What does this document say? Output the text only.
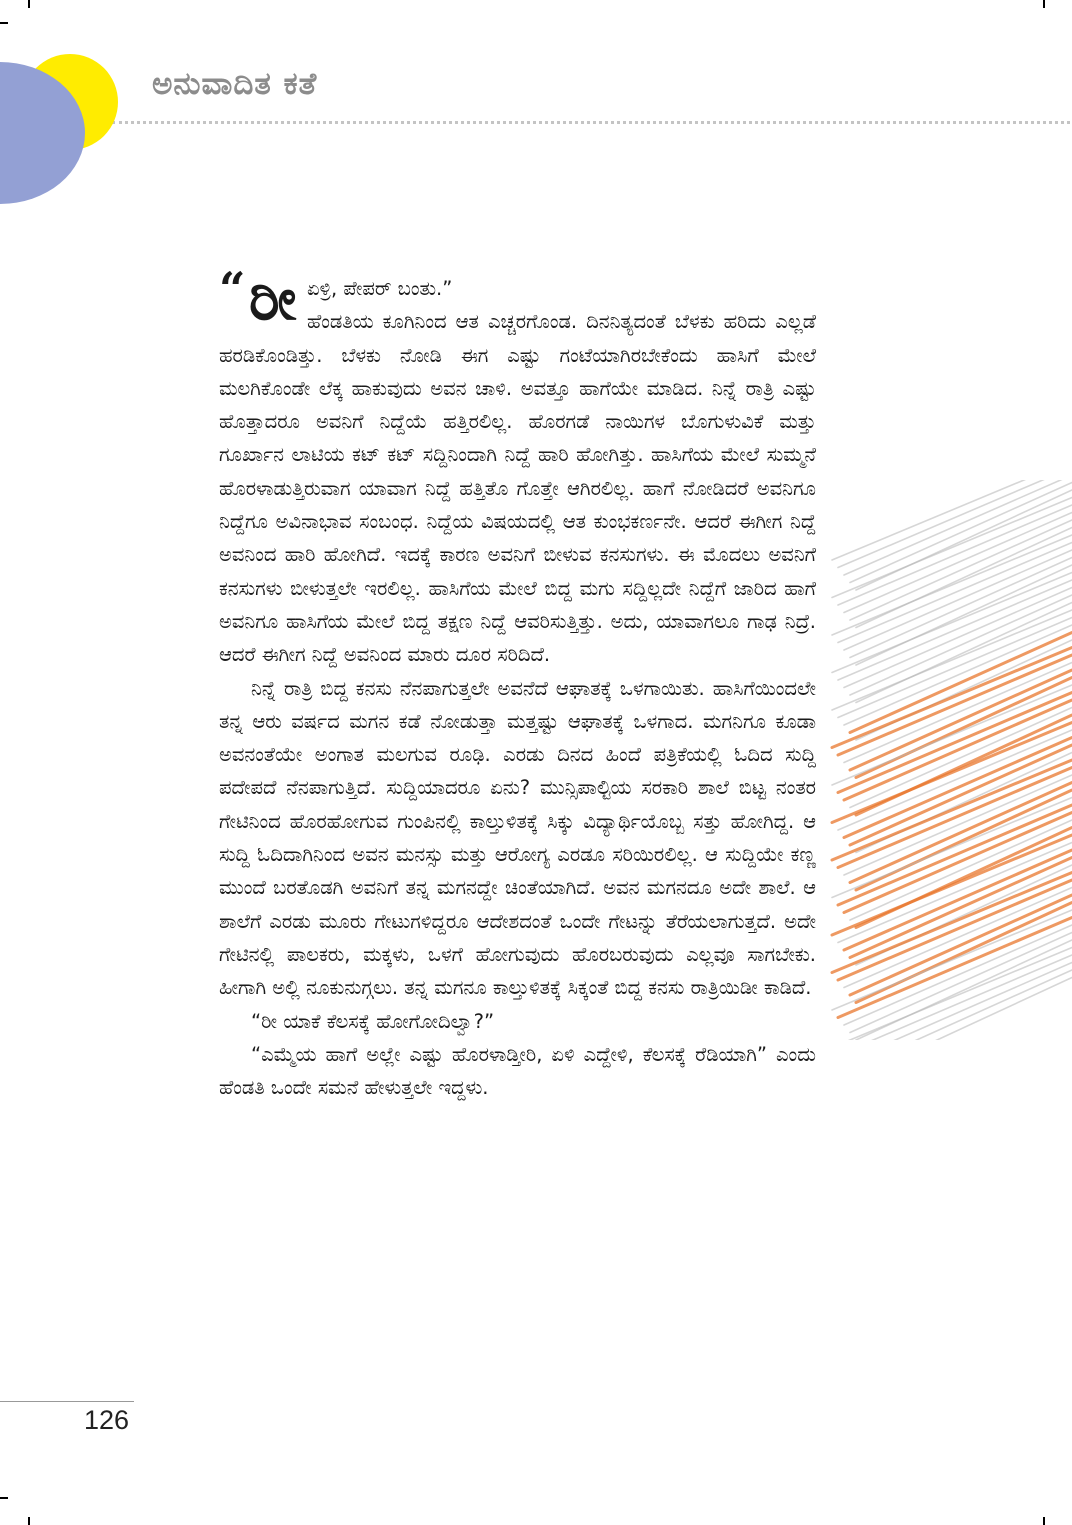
ಅನುವಾದಿತ ಕತೆ

“ ರೀ ಏಳ್ರಿ, ಪೇಪರ್ ಬಂತು.”
ಹೆಂಡತಿಯ ಕೂಗಿನಿಂದ ಆತ ಎಚ್ಚರಗೊಂಡ. ದಿನನಿತ್ಯದಂತೆ ಬೆಳಕು ಹರಿದು ಎಲ್ಲಡೆ ಹರಡಿಕೊಂಡಿತ್ತು. ಬೆಳಕು ನೋಡಿ ಈಗ ಎಷ್ಟು ಗಂಟೆಯಾಗಿರಬೇಕೆಂದು ಹಾಸಿಗೆ ಮೇಲೆ ಮಲಗಿಕೊಂಡೇ ಲೆಕ್ಕ ಹಾಕುವುದು ಅವನ ಚಾಳಿ. ಅವತ್ತೂ ಹಾಗೆಯೇ ಮಾಡಿದ. ನಿನ್ನೆ ರಾತ್ರಿ ಎಷ್ಟು ಹೊತ್ತಾದರೂ ಅವನಿಗೆ ನಿದ್ದೆಯೆ ಹತ್ತಿರಲಿಲ್ಲ. ಹೊರಗಡೆ ನಾಯಿಗಳ ಬೊಗುಳುವಿಕೆ ಮತ್ತು ಗೂರ್ಖಾನ ಲಾಟಿಯ ಕಟ್ ಕಟ್ ಸದ್ದಿನಿಂದಾಗಿ ನಿದ್ದೆ ಹಾರಿ ಹೋಗಿತ್ತು. ಹಾಸಿಗೆಯ ಮೇಲೆ ಸುಮ್ಮನೆ ಹೊರಳಾಡುತ್ತಿರುವಾಗ ಯಾವಾಗ ನಿದ್ದೆ ಹತ್ತಿತೊ ಗೊತ್ತೇ ಆಗಿರಲಿಲ್ಲ. ಹಾಗೆ ನೋಡಿದರೆ ಅವನಿಗೂ ನಿದ್ದೆಗೂ ಅವಿನಾಭಾವ ಸಂಬಂಧ. ನಿದ್ದೆಯ ವಿಷಯದಲ್ಲಿ ಆತ ಕುಂಭಕರ್ಣನೇ. ಆದರೆ ಈಗೀಗ ನಿದ್ದೆ ಅವನಿಂದ ಹಾರಿ ಹೋಗಿದೆ. ಇದಕ್ಕೆ ಕಾರಣ ಅವನಿಗೆ ಬೀಳುವ ಕನಸುಗಳು. ಈ ಮೊದಲು ಅವನಿಗೆ ಕನಸುಗಳು ಬೀಳುತ್ತಲೇ ಇರಲಿಲ್ಲ. ಹಾಸಿಗೆಯ ಮೇಲೆ ಬಿದ್ದ ಮಗು ಸದ್ದಿಲ್ಲದೇ ನಿದ್ದೆಗೆ ಜಾರಿದ ಹಾಗೆ ಅವನಿಗೂ ಹಾಸಿಗೆಯ ಮೇಲೆ ಬಿದ್ದ ತಕ್ಷಣ ನಿದ್ದೆ ಆವರಿಸುತ್ತಿತ್ತು. ಅದು, ಯಾವಾಗಲೂ ಗಾಢ ನಿದ್ರೆ. ಆದರೆ ಈಗೀಗ ನಿದ್ದೆ ಅವನಿಂದ ಮಾರು ದೂರ ಸರಿದಿದೆ.

ನಿನ್ನೆ ರಾತ್ರಿ ಬಿದ್ದ ಕನಸು ನೆನಪಾಗುತ್ತಲೇ ಅವನೆದೆ ಆಘಾತಕ್ಕೆ ಒಳಗಾಯಿತು. ಹಾಸಿಗೆಯಿಂದಲೇ ತನ್ನ ಆರು ವರ್ಷದ ಮಗನ ಕಡೆ ನೋಡುತ್ತಾ ಮತ್ತಷ್ಟು ಆಘಾತಕ್ಕೆ ಒಳಗಾದ. ಮಗನಿಗೂ ಕೂಡಾ ಅವನಂತೆಯೇ ಅಂಗಾತ ಮಲಗುವ ರೂಢಿ. ಎರಡು ದಿನದ ಹಿಂದೆ ಪತ್ರಿಕೆಯಲ್ಲಿ ಓದಿದ ಸುದ್ದಿ ಪದೇಪದೆ ನೆನಪಾಗುತ್ತಿದೆ. ಸುದ್ದಿಯಾದರೂ ಏನು? ಮುನ್ಸಿಪಾಲ್ಟಿಯ ಸರಕಾರಿ ಶಾಲೆ ಬಿಟ್ಟ ನಂತರ ಗೇಟಿನಿಂದ ಹೊರಹೋಗುವ ಗುಂಪಿನಲ್ಲಿ ಕಾಲ್ತುಳಿತಕ್ಕೆ ಸಿಕ್ಕು ವಿದ್ಯಾರ್ಥಿಯೊಬ್ಬ ಸತ್ತು ಹೋಗಿದ್ದ. ಆ ಸುದ್ದಿ ಓದಿದಾಗಿನಿಂದ ಅವನ ಮನಸ್ಸು ಮತ್ತು ಆರೋಗ್ಯ ಎರಡೂ ಸರಿಯಿರಲಿಲ್ಲ. ಆ ಸುದ್ದಿಯೇ ಕಣ್ಣ ಮುಂದೆ ಬರತೊಡಗಿ ಅವನಿಗೆ ತನ್ನ ಮಗನದ್ದೇ ಚಿಂತೆಯಾಗಿದೆ. ಅವನ ಮಗನದೂ ಅದೇ ಶಾಲೆ. ಆ ಶಾಲೆಗೆ ಎರಡು ಮೂರು ಗೇಟುಗಳಿದ್ದರೂ ಆದೇಶದಂತೆ ಒಂದೇ ಗೇಟನ್ನು ತೆರೆಯಲಾಗುತ್ತದೆ. ಅದೇ ಗೇಟಿನಲ್ಲಿ ಪಾಲಕರು, ಮಕ್ಕಳು, ಒಳಗೆ ಹೋಗುವುದು ಹೊರಬರುವುದು ಎಲ್ಲವೂ ಸಾಗಬೇಕು. ಹೀಗಾಗಿ ಅಲ್ಲಿ ನೂಕುನುಗ್ಗಲು. ತನ್ನ ಮಗನೂ ಕಾಲ್ತುಳಿತಕ್ಕೆ ಸಿಕ್ಕಂತೆ ಬಿದ್ದ ಕನಸು ರಾತ್ರಿಯಿಡೀ ಕಾಡಿದೆ.

“ರೀ ಯಾಕೆ ಕೆಲಸಕ್ಕೆ ಹೋಗೋದಿಲ್ವಾ?”

“ಎಮ್ಮೆಯ ಹಾಗೆ ಅಲ್ಲೇ ಎಷ್ಟು ಹೊರಳಾಡ್ತೀರಿ, ಏಳಿ ಎದ್ದೇಳಿ, ಕೆಲಸಕ್ಕೆ ರೆಡಿಯಾಗಿ” ಎಂದು ಹೆಂಡತಿ ಒಂದೇ ಸಮನೆ ಹೇಳುತ್ತಲೇ ಇದ್ದಳು.

126
